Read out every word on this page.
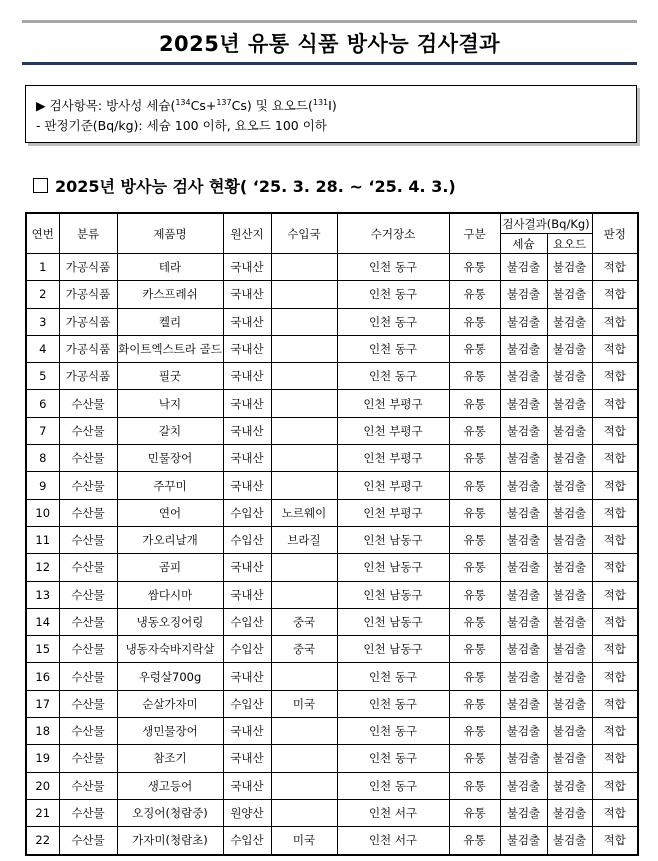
2025년 유통 식품 방사능 검사결과
▶ 검사항목: 방사성 세슘($^{134}$Cs+$^{137}$Cs) 및 요오드($^{131}$I)
- 판정기준(Bq/kg): 세슘 100 이하, 요오드 100 이하
2025년 방사능 검사 현황( ‘25. 3. 28. ~ ‘25. 4. 3.)
연번	분류	제품명	원산지	수입국	수거장소	구분	검사결과(Bq/Kg)		판정
							세슘	요오드	
1	가공식품	테라	국내산		인천 동구	유통	불검출	불검출	적합
2	가공식품	카스프레쉬	국내산		인천 동구	유통	불검출	불검출	적합
3	가공식품	켈리	국내산		인천 동구	유통	불검출	불검출	적합
4	가공식품	화이트엑스트라 골드	국내산		인천 동구	유통	불검출	불검출	적합
5	가공식품	필굿	국내산		인천 동구	유통	불검출	불검출	적합
6	수산물	낙지	국내산		인천 부평구	유통	불검출	불검출	적합
7	수산물	갈치	국내산		인천 부평구	유통	불검출	불검출	적합
8	수산물	민물장어	국내산		인천 부평구	유통	불검출	불검출	적합
9	수산물	주꾸미	국내산		인천 부평구	유통	불검출	불검출	적합
10	수산물	연어	수입산	노르웨이	인천 부평구	유통	불검출	불검출	적합
11	수산물	가오리날개	수입산	브라질	인천 남동구	유통	불검출	불검출	적합
12	수산물	곰피	국내산		인천 남동구	유통	불검출	불검출	적합
13	수산물	쌈다시마	국내산		인천 남동구	유통	불검출	불검출	적합
14	수산물	냉동오징어링	수입산	중국	인천 남동구	유통	불검출	불검출	적합
15	수산물	냉동자숙바지락살	수입산	중국	인천 남동구	유통	불검출	불검출	적합
16	수산물	우렁살700g	국내산		인천 동구	유통	불검출	불검출	적합
17	수산물	순살가자미	수입산	미국	인천 동구	유통	불검출	불검출	적합
18	수산물	생민물장어	국내산		인천 동구	유통	불검출	불검출	적합
19	수산물	참조기	국내산		인천 동구	유통	불검출	불검출	적합
20	수산물	생고등어	국내산		인천 동구	유통	불검출	불검출	적합
21	수산물	오징어(청람중)	원양산		인천 서구	유통	불검출	불검출	적합
22	수산물	가자미(청람초)	수입산	미국	인천 서구	유통	불검출	불검출	적합
